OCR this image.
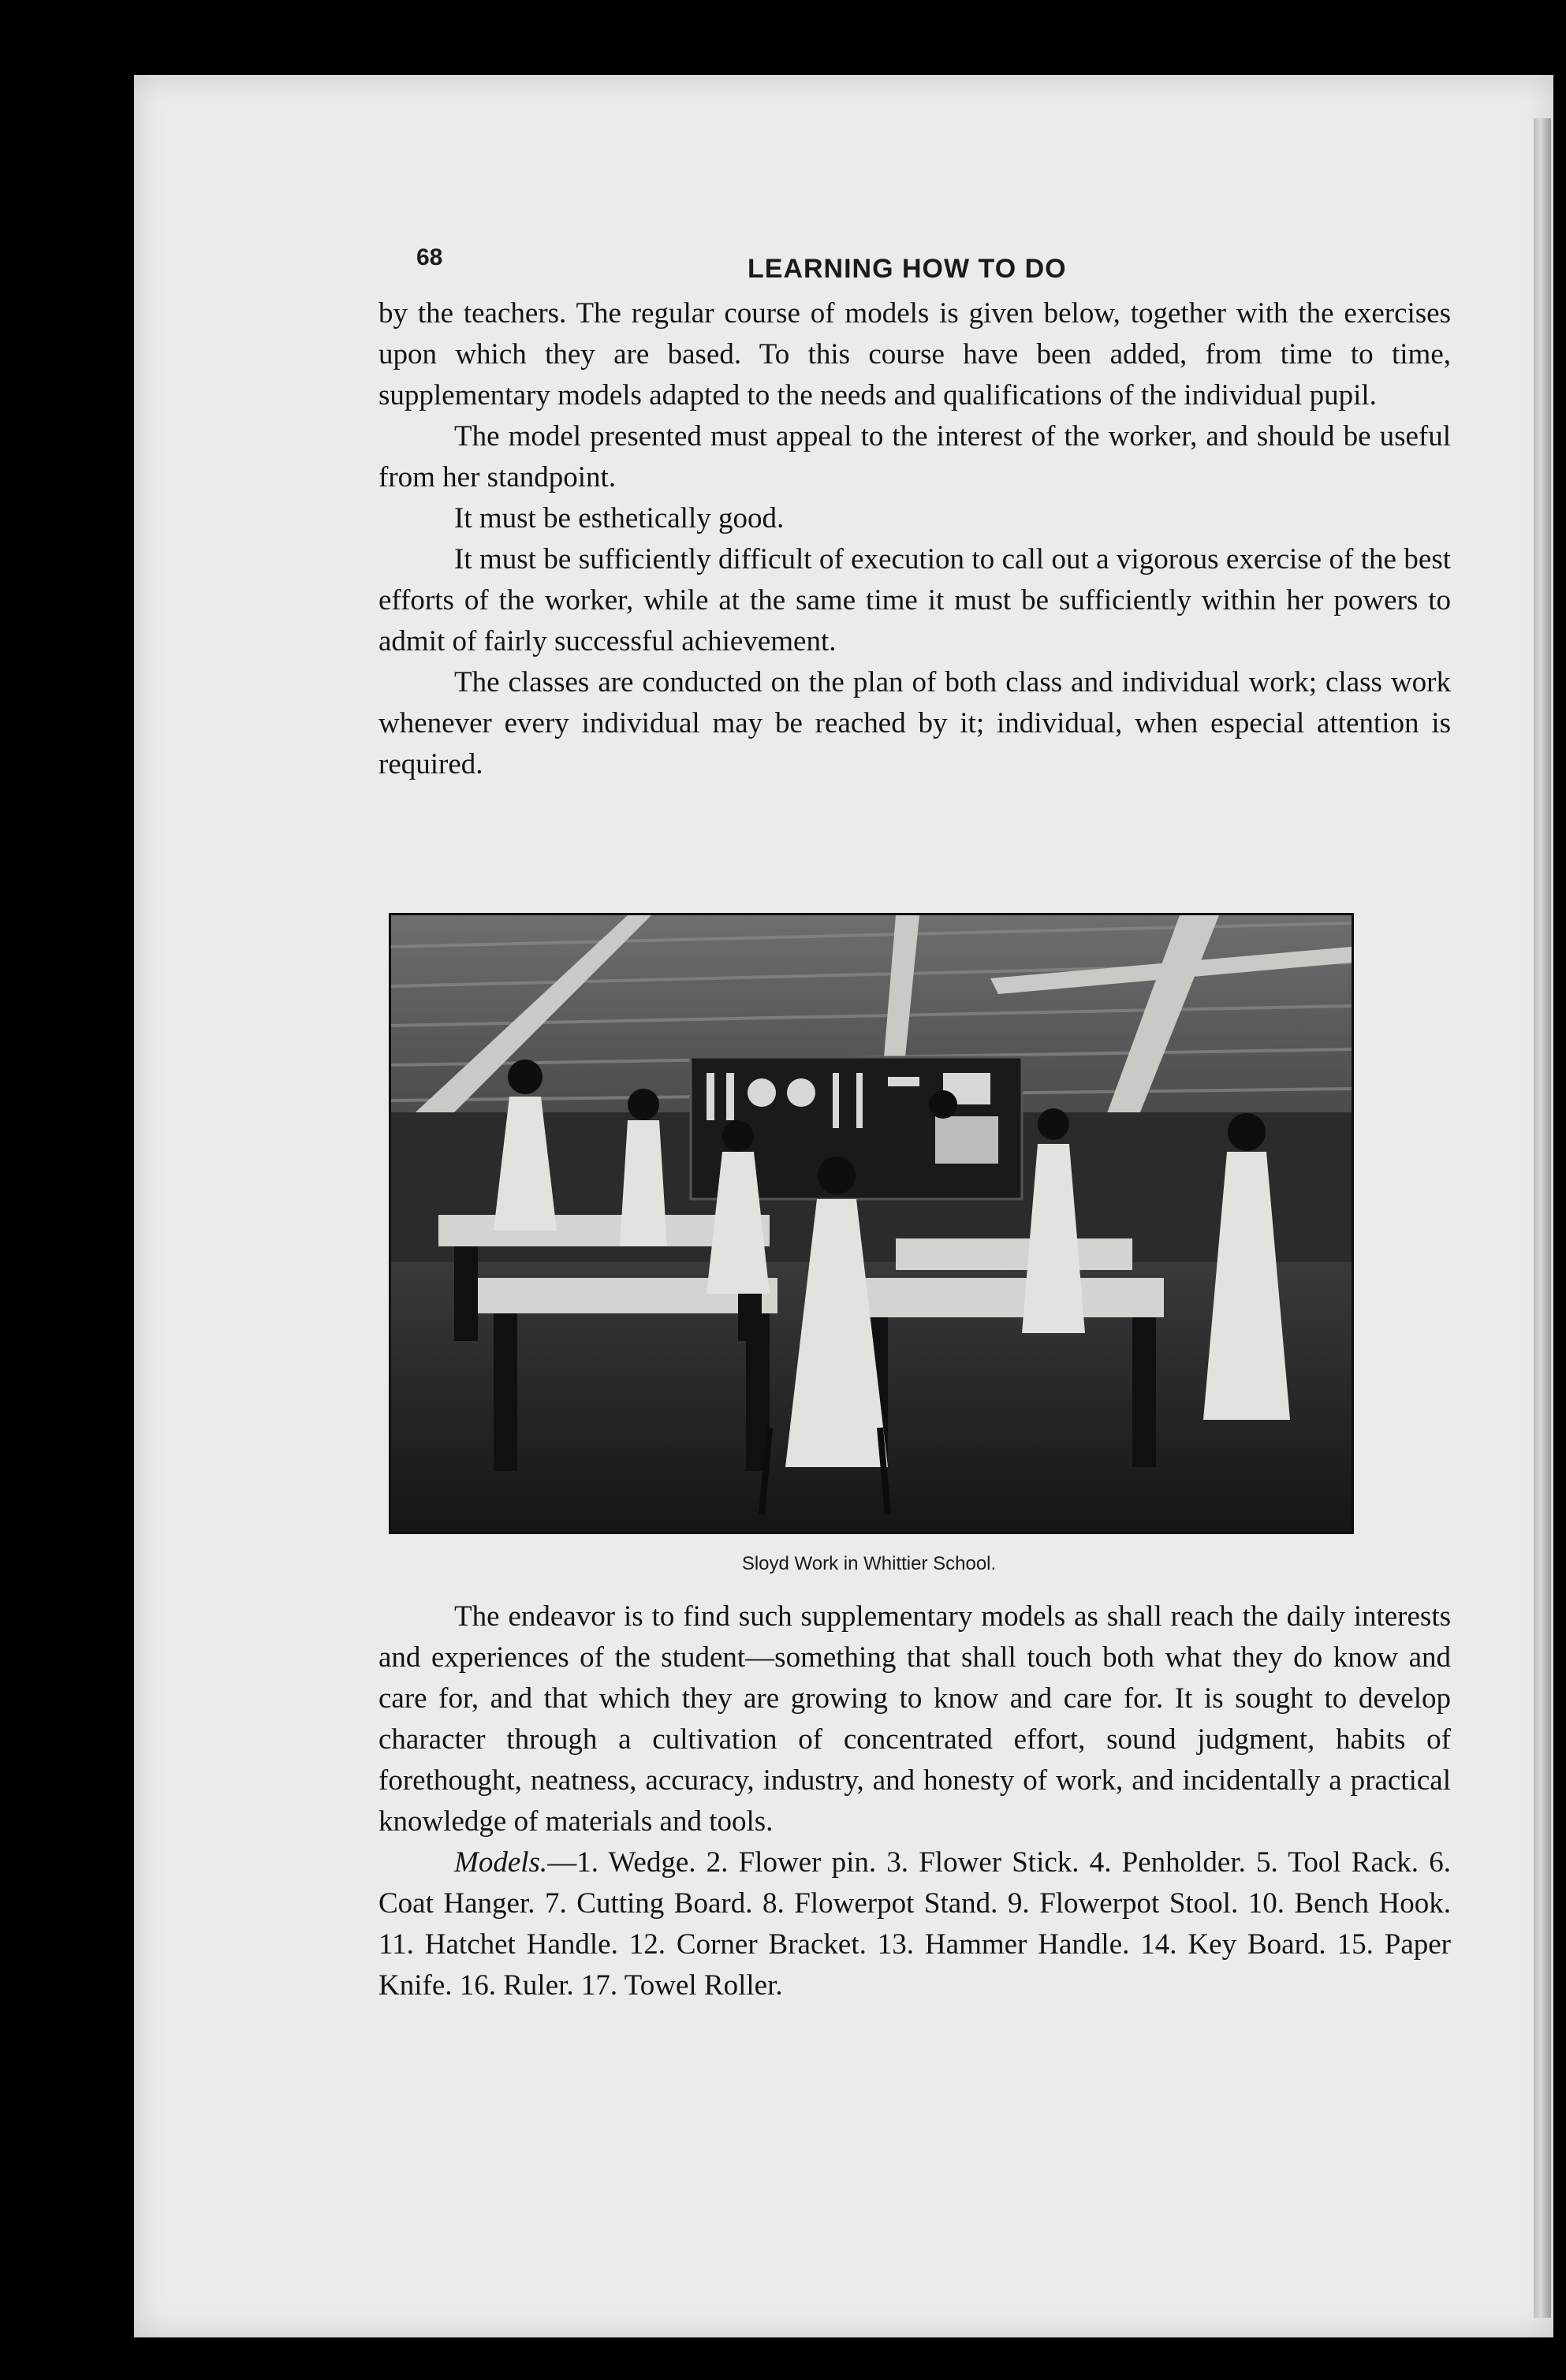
68	LEARNING HOW TO DO

by the teachers. The regular course of models is given below, together with the exercises upon which they are based. To this course have been added, from time to time, supplementary models adapted to the needs and qualifications of the individual pupil.

The model presented must appeal to the interest of the worker, and should be useful from her standpoint.

It must be esthetically good.

It must be sufficiently difficult of execution to call out a vigorous exercise of the best efforts of the worker, while at the same time it must be sufficiently within her powers to admit of fairly successful achievement.

The classes are conducted on the plan of both class and individual work; class work whenever every individual may be reached by it; individual, when especial attention is required.

Sloyd Work in Whittier School.

The endeavor is to find such supplementary models as shall reach the daily interests and experiences of the student—something that shall touch both what they do know and care for, and that which they are growing to know and care for. It is sought to develop character through a cultivation of concentrated effort, sound judgment, habits of forethought, neatness, accuracy, industry, and honesty of work, and incidentally a practical knowledge of materials and tools.

Models.—1. Wedge. 2. Flower pin. 3. Flower Stick. 4. Penholder. 5. Tool Rack. 6. Coat Hanger. 7. Cutting Board. 8. Flowerpot Stand. 9. Flowerpot Stool. 10. Bench Hook. 11. Hatchet Handle. 12. Corner Bracket. 13. Hammer Handle. 14. Key Board. 15. Paper Knife. 16. Ruler. 17. Towel Roller.
